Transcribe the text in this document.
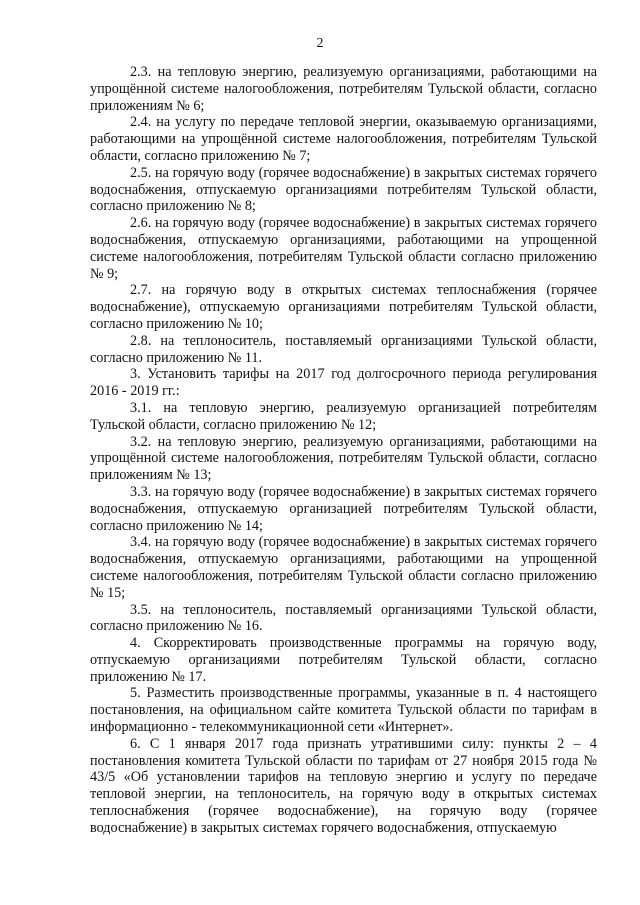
2

2.3. на тепловую энергию, реализуемую организациями, работающими на упрощённой системе налогообложения, потребителям Тульской области, согласно приложениям № 6;

2.4. на услугу по передаче тепловой энергии, оказываемую организациями, работающими на упрощённой системе налогообложения, потребителям Тульской области, согласно приложению № 7;

2.5. на горячую воду (горячее водоснабжение) в закрытых системах горячего водоснабжения, отпускаемую организациями потребителям Тульской области, согласно приложению № 8;

2.6. на горячую воду (горячее водоснабжение) в закрытых системах горячего водоснабжения, отпускаемую организациями, работающими на упрощенной системе налогообложения, потребителям Тульской области согласно приложению № 9;

2.7. на горячую воду в открытых системах теплоснабжения (горячее водоснабжение), отпускаемую организациями потребителям Тульской области, согласно приложению № 10;

2.8. на теплоноситель, поставляемый организациями Тульской области, согласно приложению № 11.

3. Установить тарифы на 2017 год долгосрочного периода регулирования 2016 - 2019 гг.:

3.1. на тепловую энергию, реализуемую организацией потребителям Тульской области, согласно приложению № 12;

3.2. на тепловую энергию, реализуемую организациями, работающими на упрощённой системе налогообложения, потребителям Тульской области, согласно приложениям № 13;

3.3. на горячую воду (горячее водоснабжение) в закрытых системах горячего водоснабжения, отпускаемую организацией потребителям Тульской области, согласно приложению № 14;

3.4. на горячую воду (горячее водоснабжение) в закрытых системах горячего водоснабжения, отпускаемую организациями, работающими на упрощенной системе налогообложения, потребителям Тульской области согласно приложению № 15;

3.5. на теплоноситель, поставляемый организациями Тульской области, согласно приложению № 16.

4. Скорректировать производственные программы на горячую воду, отпускаемую организациями потребителям Тульской области, согласно приложению № 17.

5. Разместить производственные программы, указанные в п. 4 настоящего постановления, на официальном сайте комитета Тульской области по тарифам в информационно - телекоммуникационной сети «Интернет».

6. С 1 января 2017 года признать утратившими силу: пункты 2 – 4 постановления комитета Тульской области по тарифам от 27 ноября 2015 года № 43/5 «Об установлении тарифов на тепловую энергию и услугу по передаче тепловой энергии, на теплоноситель, на горячую воду в открытых системах теплоснабжения (горячее водоснабжение), на горячую воду (горячее водоснабжение) в закрытых системах горячего водоснабжения, отпускаемую
